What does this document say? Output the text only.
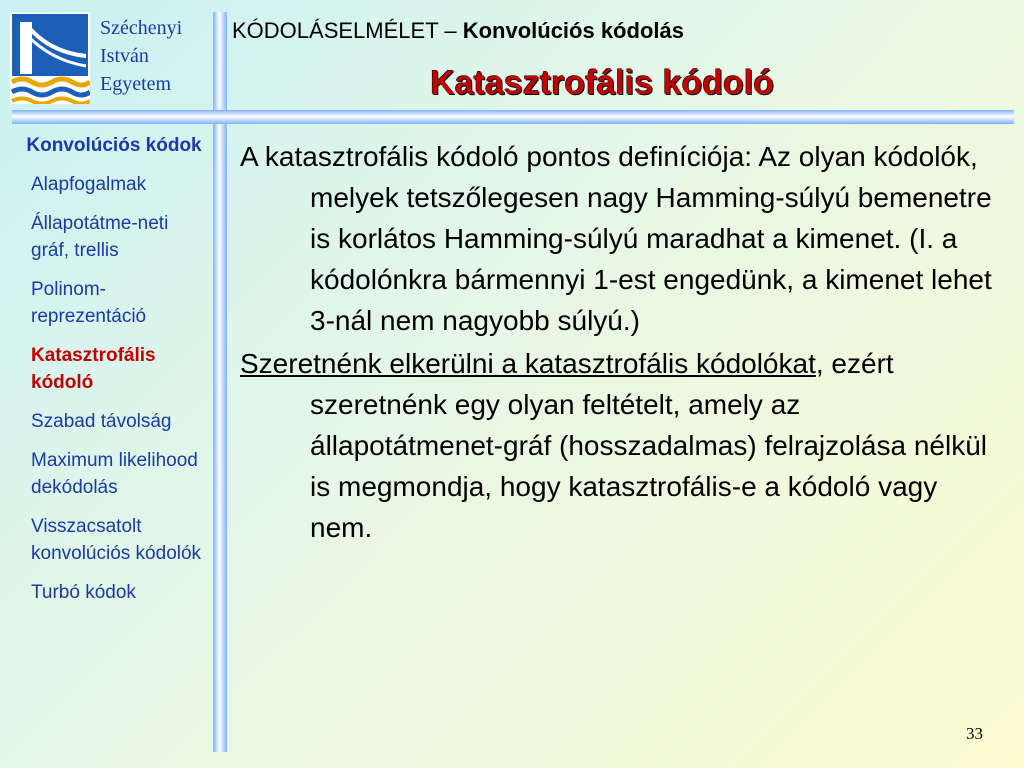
Széchenyi
István
Egyetem
KÓDOLÁSELMÉLET – Konvolúciós kódolás
Katasztrofális kódoló
Konvolúciós kódok
Alapfogalmak
Állapotátme-neti gráf, trellis
Polinom-reprezentáció
Katasztrofális kódoló
Szabad távolság
Maximum likelihood dekódolás
Visszacsatolt konvolúciós kódolók
Turbó kódok

A katasztrofális kódoló pontos definíciója: Az olyan kódolók, melyek tetszőlegesen nagy Hamming-súlyú bemenetre is korlátos Hamming-súlyú maradhat a kimenet. (I. a kódolónkra bármennyi 1-est engedünk, a kimenet lehet 3-nál nem nagyobb súlyú.)

Szeretnénk elkerülni a katasztrofális kódolókat, ezért szeretnénk egy olyan feltételt, amely az állapotátmenet-gráf (hosszadalmas) felrajzolása nélkül is megmondja, hogy katasztrofális-e a kódoló vagy nem.

33
